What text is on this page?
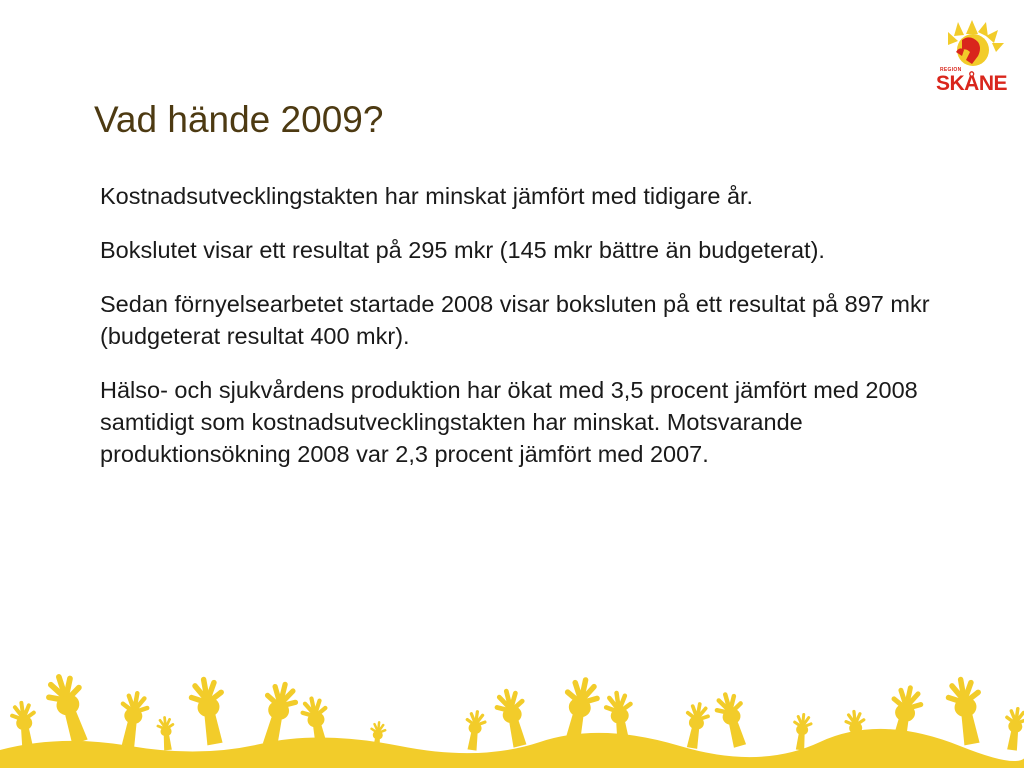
REGION
SKÅNE
Vad hände 2009?

Kostnadsutvecklingstakten har minskat jämfört med tidigare år.

Bokslutet visar ett resultat på 295 mkr (145 mkr bättre än budgeterat).

Sedan förnyelsearbetet startade 2008 visar boksluten på ett resultat på 897 mkr (budgeterat resultat 400 mkr).

Hälso- och sjukvårdens produktion har ökat med 3,5 procent jämfört med 2008 samtidigt som kostnadsutvecklingstakten har minskat. Motsvarande produktionsökning 2008 var 2,3 procent jämfört med 2007.
